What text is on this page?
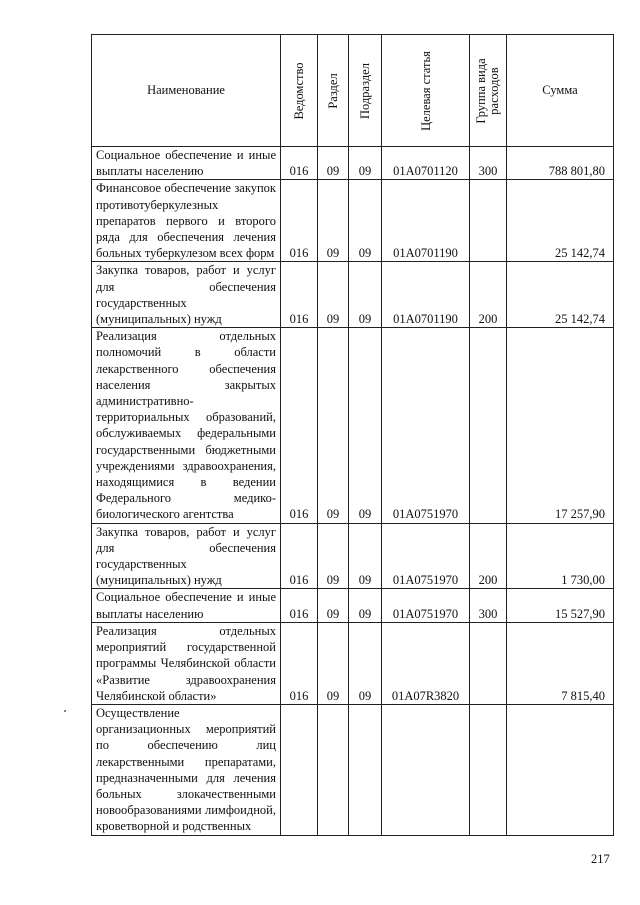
Наименование	Ведомство	Раздел	Подраздел	Целевая статья	Группа вида расходов	Сумма
Социальное обеспечение и иные выплаты населению	016	09	09	01А0701120	300	788 801,80
Финансовое обеспечение закупок противотуберкулезных препаратов первого и второго ряда для обеспечения лечения больных туберкулезом всех форм	016	09	09	01А0701190		25 142,74
Закупка товаров, работ и услуг для обеспечения государственных (муниципальных) нужд	016	09	09	01А0701190	200	25 142,74
Реализация отдельных полномочий в области лекарственного обеспечения населения закрытых административно-территориальных образований, обслуживаемых федеральными государственными бюджетными учреждениями здравоохранения, находящимися в ведении Федерального медико-биологического агентства	016	09	09	01А0751970		17 257,90
Закупка товаров, работ и услуг для обеспечения государственных (муниципальных) нужд	016	09	09	01А0751970	200	1 730,00
Социальное обеспечение и иные выплаты населению	016	09	09	01А0751970	300	15 527,90
Реализация отдельных мероприятий государственной программы Челябинской области «Развитие здравоохранения Челябинской области»	016	09	09	01А07R3820		7 815,40
Осуществление организационных мероприятий по обеспечению лиц лекарственными препаратами, предназначенными для лечения больных злокачественными новообразованиями лимфоидной, кроветворной и родственных						
217
